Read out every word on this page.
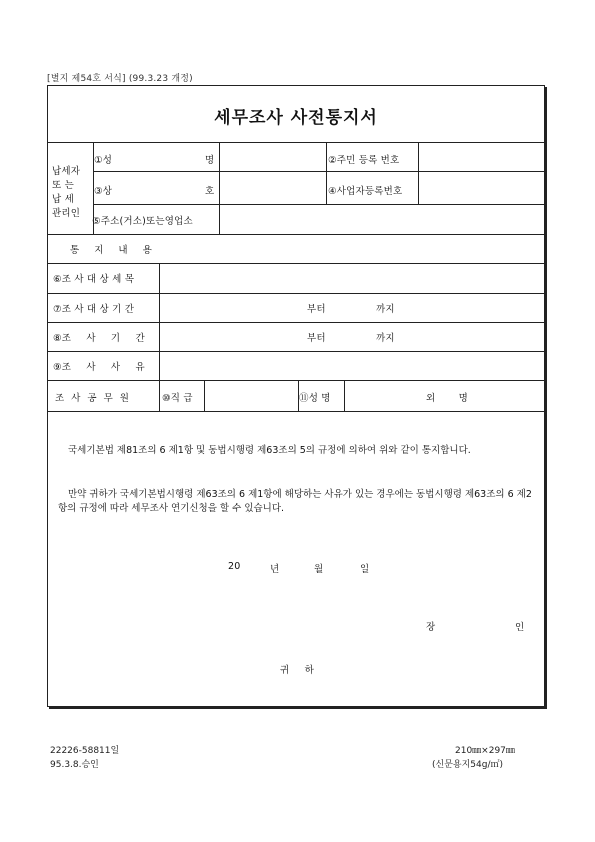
[별지 제54호 서식] (99.3.23 개정)
세무조사 사전통지서
납세자
또 는
납 세
관리인
①성	명	②주민 등록 번호
③상	호	④사업자등록번호
⑤주소(거소)또는영업소
통 지 내 용
⑥조 사 대 상 세 목
⑦조 사 대 상 기 간	부터	까지
⑧조 사 기 간	부터	까지
⑨조 사 사 유
조 사 공 무 원	⑩직 급	⑪성 명	외 명
국세기본법 제81조의 6 제1항 및 동법시행령 제63조의 5의 규정에 의하여 위와 같이 통지합니다.
만약 귀하가 국세기본법시행령 제63조의 6 제1항에 해당하는 사유가 있는 경우에는 동법시행령 제63조의 6 제2항의 규정에 따라 세무조사 연기신청을 할 수 있습니다.
20	년	월	일
장	인
귀 하
22226-58811일
95.3.8.승인
210㎜×297㎜
(신문용지54g/㎡)
